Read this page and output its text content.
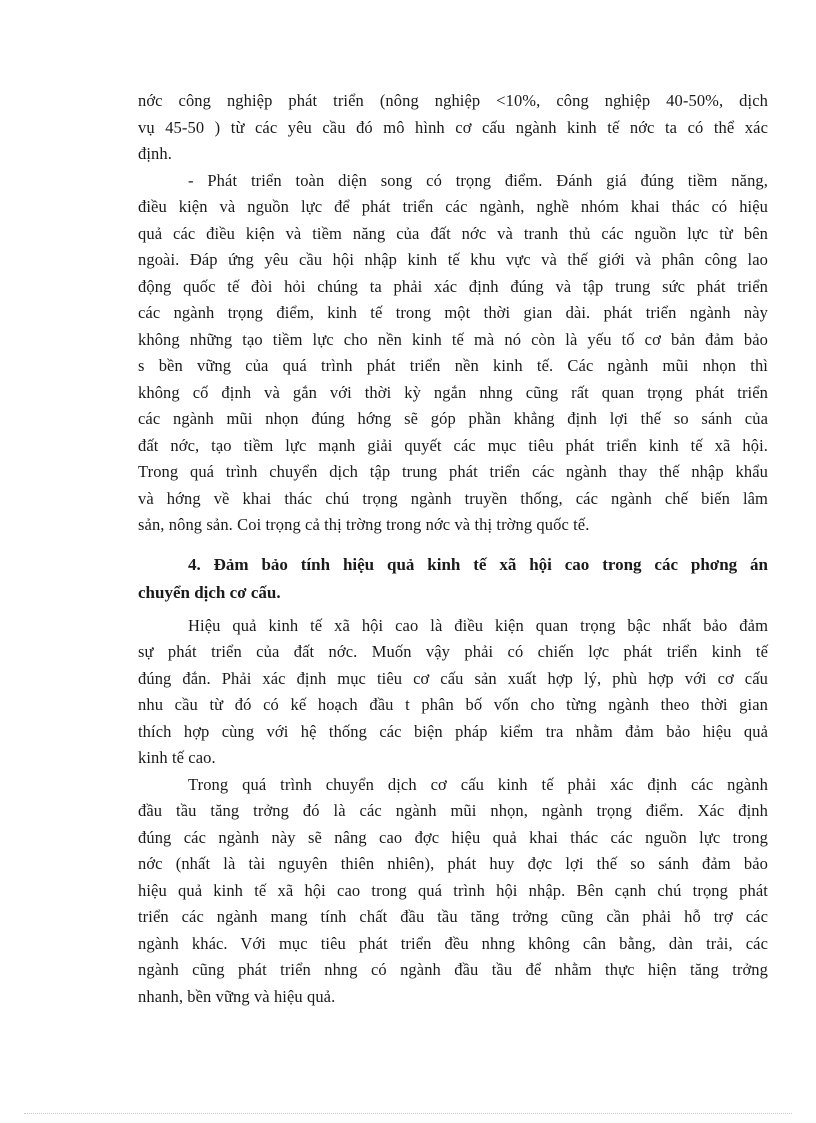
nớc công nghiệp phát triển (nông nghiệp <10%, công nghiệp 40-50%, dịch
vụ 45-50 ) từ các yêu cầu đó mô hình cơ cấu ngành kinh tế nớc ta có thể xác
định.
- Phát triển toàn diện song có trọng điểm. Đánh giá đúng tiềm năng,
điều kiện và nguồn lực để phát triển các ngành, nghề nhóm khai thác có hiệu
quả các điều kiện và tiềm năng của đất nớc và tranh thủ các nguồn lực từ bên
ngoài. Đáp ứng yêu cầu hội nhập kinh tế khu vực và thế giới và phân công lao
động quốc tế đòi hỏi chúng ta phải xác định đúng và tập trung sức phát triển
các ngành trọng điểm, kinh tế trong một thời gian dài. phát triển ngành này
không những tạo tiềm lực cho nền kinh tế mà nó còn là yếu tố cơ bản đảm bảo
s bền vững của quá trình phát triển nền kinh tế. Các ngành mũi nhọn thì
không cố định và gắn với thời kỳ ngắn nhng cũng rất quan trọng phát triển
các ngành mũi nhọn đúng hớng sẽ góp phần khẳng định lợi thế so sánh của
đất nớc, tạo tiềm lực mạnh giải quyết các mục tiêu phát triển kinh tế xã hội.
Trong quá trình chuyển dịch tập trung phát triển các ngành thay thế nhập khẩu
và hớng về khai thác chú trọng ngành truyền thống, các ngành chế biến lâm
sản, nông sản. Coi trọng cả thị trờng trong nớc và thị trờng quốc tế.
4. Đảm bảo tính hiệu quả kinh tế xã hội cao trong các phơng án
chuyển dịch cơ cấu.
Hiệu quả kinh tế xã hội cao là điều kiện quan trọng bậc nhất bảo đảm
sự phát triển của đất nớc. Muốn vậy phải có chiến lợc phát triển kinh tế
đúng đắn. Phải xác định mục tiêu cơ cấu sản xuất hợp lý, phù hợp với cơ cấu
nhu cầu từ đó có kế hoạch đầu t phân bố vốn cho từng ngành theo thời gian
thích hợp cùng với hệ thống các biện pháp kiểm tra nhằm đảm bảo hiệu quả
kinh tế cao.
Trong quá trình chuyển dịch cơ cấu kinh tế phải xác định các ngành
đầu tầu tăng trởng đó là các ngành mũi nhọn, ngành trọng điểm. Xác định
đúng các ngành này sẽ nâng cao đợc hiệu quả khai thác các nguồn lực trong
nớc (nhất là tài nguyên thiên nhiên), phát huy đợc lợi thế so sánh đảm bảo
hiệu quả kinh tế xã hội cao trong quá trình hội nhập. Bên cạnh chú trọng phát
triển các ngành mang tính chất đầu tầu tăng trởng cũng cần phải hỗ trợ các
ngành khác. Với mục tiêu phát triển đều nhng không cân bằng, dàn trải, các
ngành cũng phát triển nhng có ngành đầu tầu để nhằm thực hiện tăng trởng
nhanh, bền vững và hiệu quả.
